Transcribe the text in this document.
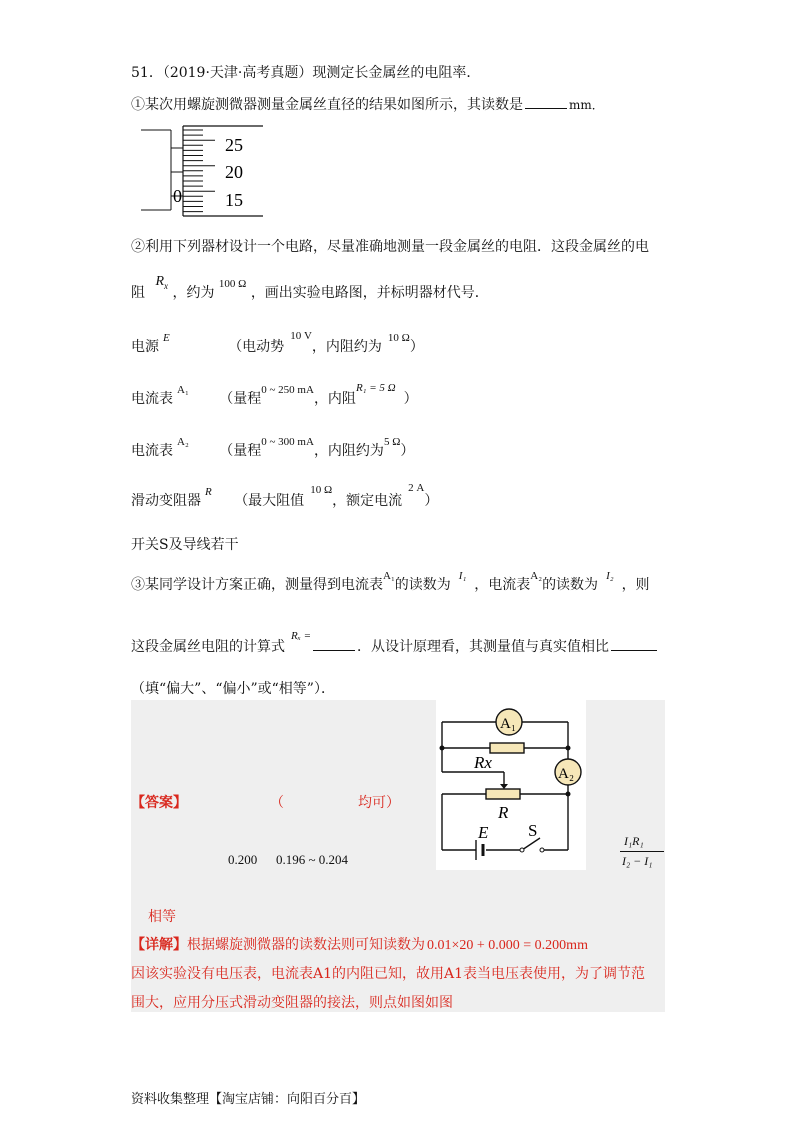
51．（2019·天津·高考真题）现测定长金属丝的电阻率．
①某次用螺旋测微器测量金属丝直径的结果如图所示，其读数是	mm．
0
25
20
15
②利用下列器材设计一个电路，尽量准确地测量一段金属丝的电阻．这段金属丝的电
阻 $R_x$ ，约为 $^{100 \Omega}$ ，画出实验电路图，并标明器材代号．
电源$^E$ （电动势$^{10 V}$，内阻约为$^{10 \Omega}$）
电流表$^{A_1}$ （量程$^{0 \sim 250 mA}$，内阻$^{R_1 = 5 \Omega}$）
电流表$^{A_2}$ （量程$^{0 \sim 300 mA}$，内阻约为$^{5 \Omega}$）
滑动变阻器$^R$ （最大阻值$^{10 \Omega}$，额定电流$^{2 A}$）
开关S及导线若干
③某同学设计方案正确，测量得到电流表$^{A_1}$的读数为$^{I_1}$，电流表$^{A_2}$的读数为$^{I_2}$，则
这段金属丝电阻的计算式$^{R_x =}$．从设计原理看，其测量值与真实值相比
（填“偏大”、“偏小”或“相等”）．
【答案】	（	均可）
0.200 0.196 ~ 0.204
相等
I₁R₁
I₂ − I₁
A₁
Rx
A₂
R
E S
【详解】根据螺旋测微器的读数法则可知读数为 0.01×20 + 0.000 = 0.200mm
因该实验没有电压表，电流表A1的内阻已知，故用A1表当电压表使用，为了调节范
围大，应用分压式滑动变阻器的接法，则点如图如图
资料收集整理【淘宝店铺：向阳百分百】
